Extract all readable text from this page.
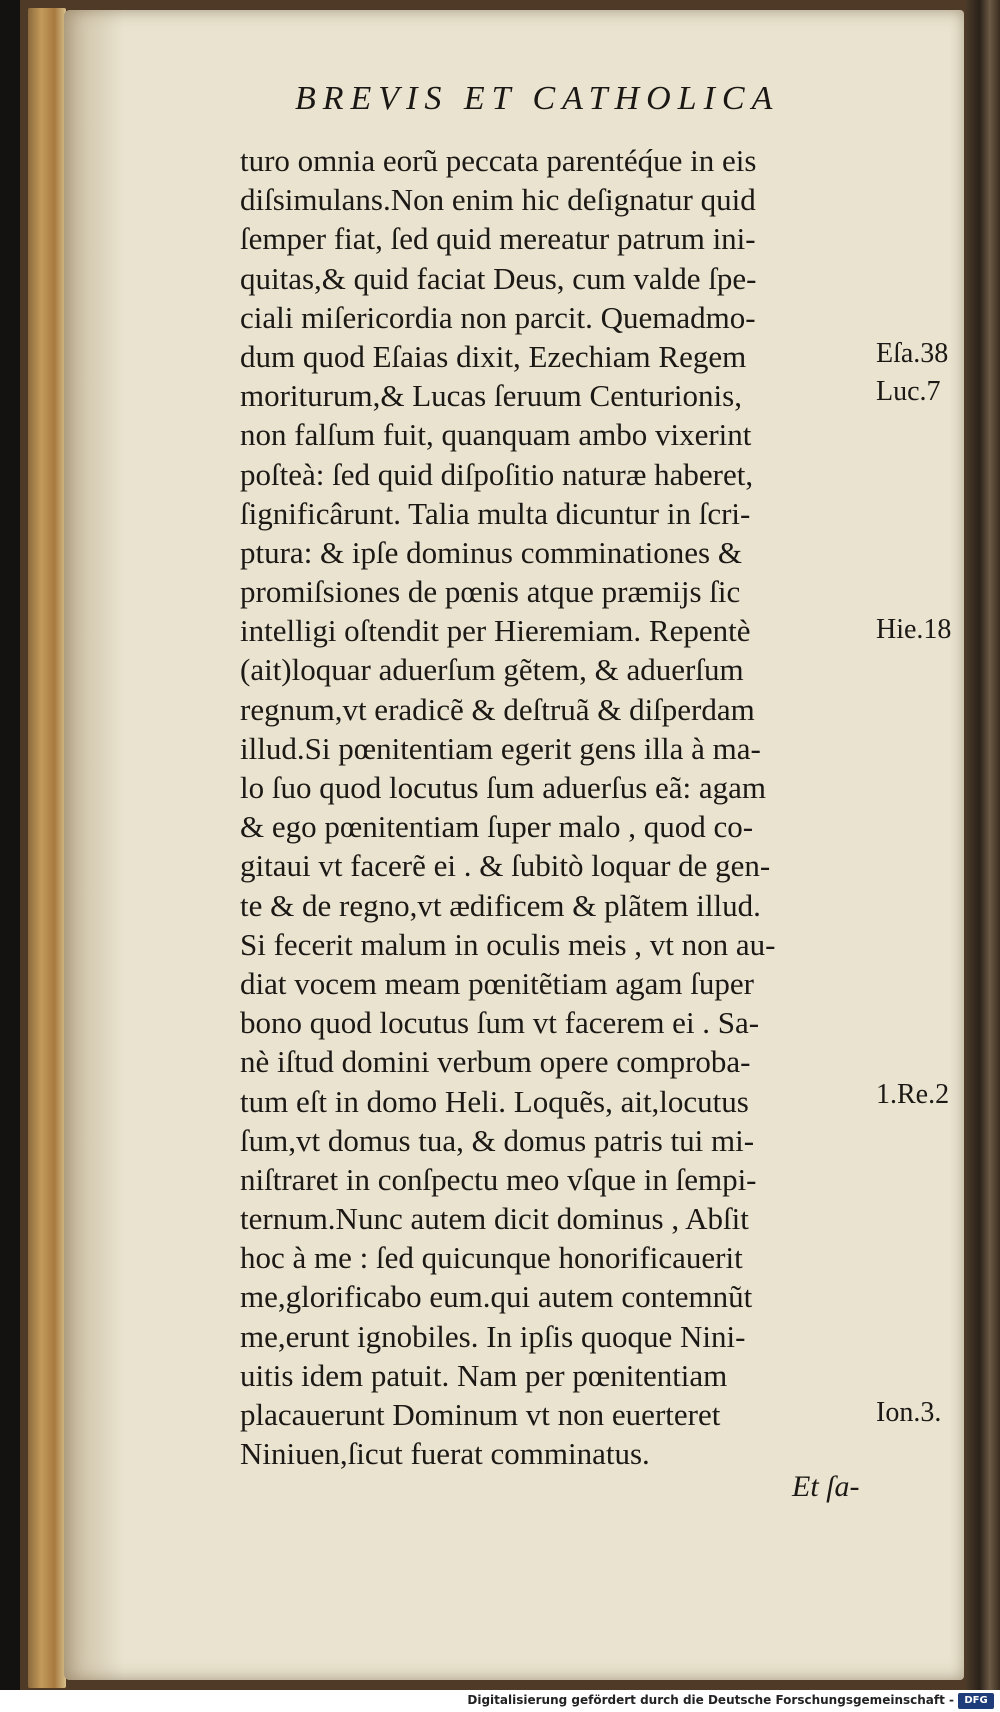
BREVIS ET CATHOLICA
turo omnia eorũ peccata parentéq́ue in eis
diſsimulans.Non enim hic deſignatur quid
ſemper fiat, ſed quid mereatur patrum ini-
quitas,& quid faciat Deus, cum valde ſpe-
ciali miſericordia non parcit. Quemadmo-
dum quod Eſaias dixit, Ezechiam Regem
moriturum,& Lucas ſeruum Centurionis,
non falſum fuit, quanquam ambo vixerint
poſteà: ſed quid diſpoſitio naturæ haberet,
ſignificârunt. Talia multa dicuntur in ſcri-
ptura: & ipſe dominus comminationes &
promiſsiones de pœnis atque præmijs ſic
intelligi oſtendit per Hieremiam. Repentè
(ait)loquar aduerſum gẽtem, & aduerſum
regnum,vt eradicẽ & deſtruã & diſperdam
illud.Si pœnitentiam egerit gens illa à ma-
lo ſuo quod locutus ſum aduerſus eã: agam
& ego pœnitentiam ſuper malo , quod co-
gitaui vt facerẽ ei . & ſubitò loquar de gen-
te & de regno,vt ædificem & plãtem illud.
Si fecerit malum in oculis meis , vt non au-
diat vocem meam pœnitẽtiam agam ſuper
bono quod locutus ſum vt facerem ei . Sa-
nè iſtud domini verbum opere comproba-
tum eſt in domo Heli. Loquẽs, ait,locutus
ſum,vt domus tua, & domus patris tui mi-
niſtraret in conſpectu meo vſque in ſempi-
ternum.Nunc autem dicit dominus , Abſit
hoc à me : ſed quicunque honorificauerit
me,glorificabo eum.qui autem contemnũt
me,erunt ignobiles. In ipſis quoque Nini-
uitis idem patuit. Nam per pœnitentiam
placauerunt Dominum vt non euerteret
Niniuen,ſicut fuerat comminatus.
Eſa.38
Luc.7
Hie.18
1.Re.2
Ion.3.
Et ſa-
Digitalisierung gefördert durch die Deutsche Forschungsgemeinschaft -	DFG
